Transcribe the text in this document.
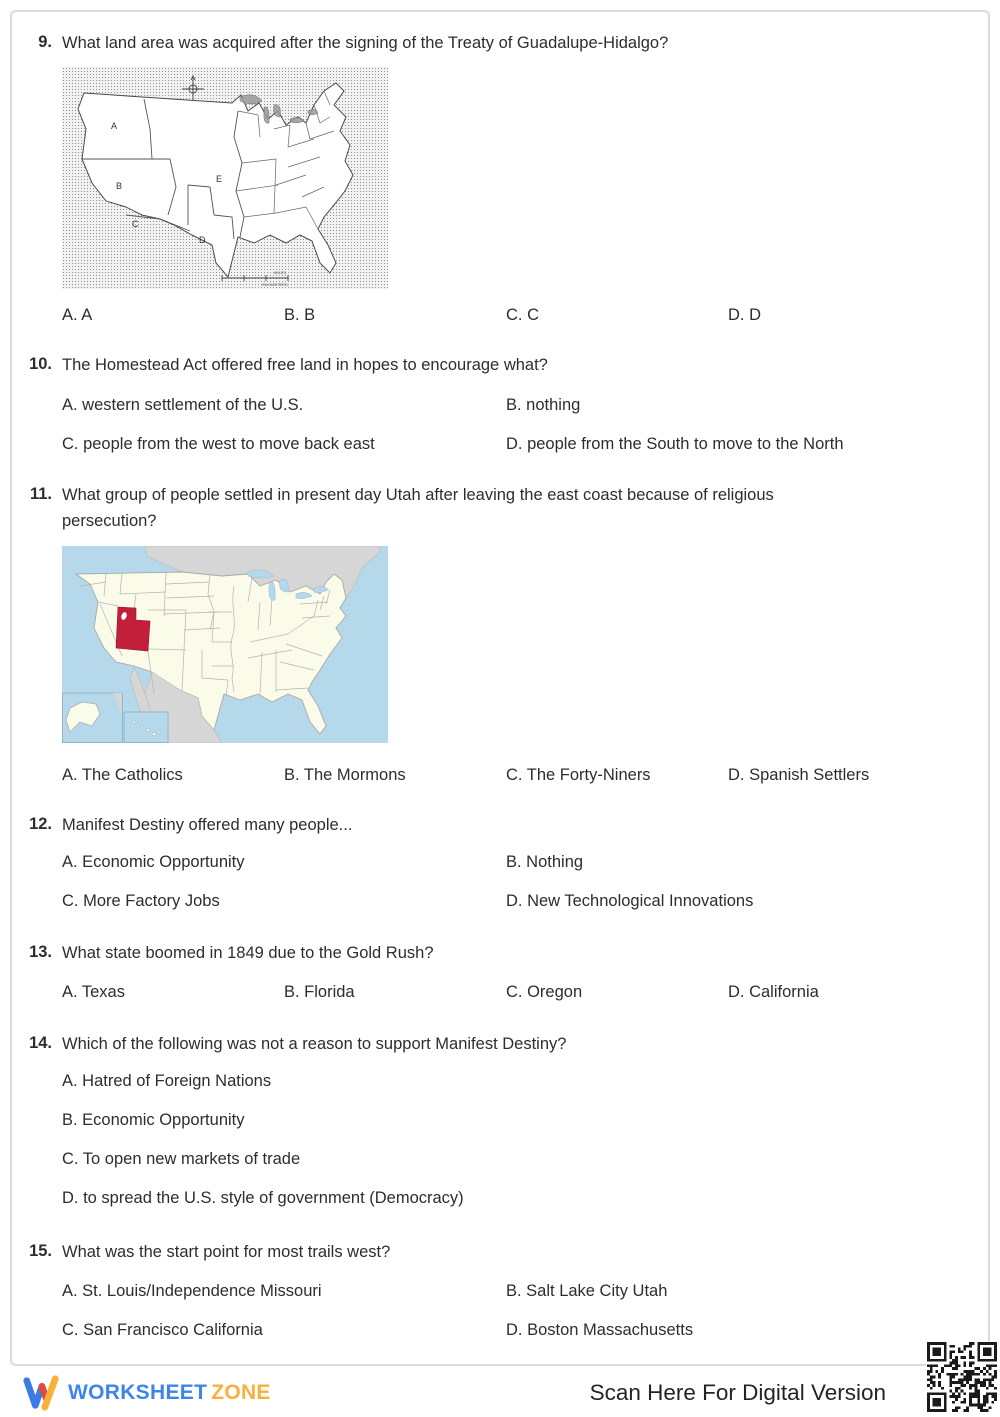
9. What land area was acquired after the signing of the Treaty of Guadalupe-Hidalgo?
A
B
C
D
E
MILES
KILOMETERS
A. A	B. B	C. C	D. D
10. The Homestead Act offered free land in hopes to encourage what?
A. western settlement of the U.S.	B. nothing
C. people from the west to move back east	D. people from the South to move to the North
11. What group of people settled in present day Utah after leaving the east coast because of religious persecution?
A. The Catholics	B. The Mormons	C. The Forty-Niners	D. Spanish Settlers
12. Manifest Destiny offered many people...
A. Economic Opportunity	B. Nothing
C. More Factory Jobs	D. New Technological Innovations
13. What state boomed in 1849 due to the Gold Rush?
A. Texas	B. Florida	C. Oregon	D. California
14. Which of the following was not a reason to support Manifest Destiny?
A. Hatred of Foreign Nations
B. Economic Opportunity
C. To open new markets of trade
D. to spread the U.S. style of government (Democracy)
15. What was the start point for most trails west?
A. St. Louis/Independence Missouri	B. Salt Lake City Utah
C. San Francisco California	D. Boston Massachusetts
WORKSHEET ZONE	Scan Here For Digital Version
